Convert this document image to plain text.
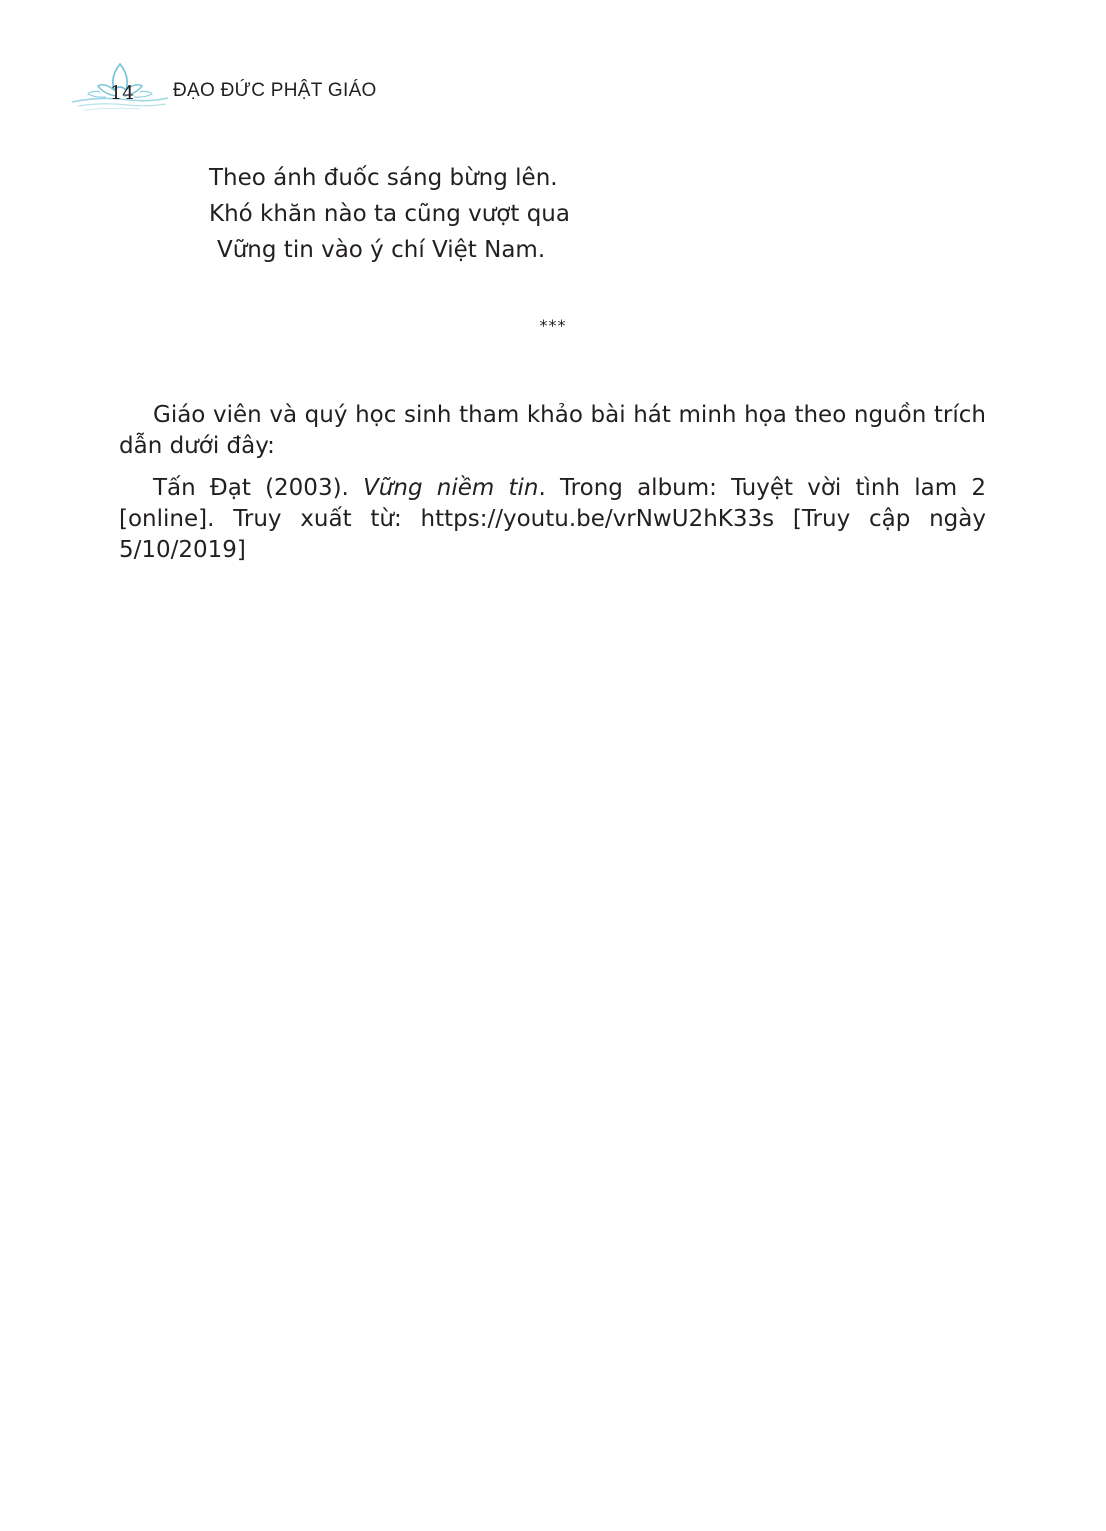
14 ĐẠO ĐỨC PHẬT GIÁO
Theo ánh đuốc sáng bừng lên.
Khó khăn nào ta cũng vượt qua
Vững tin vào ý chí Việt Nam.
***

Giáo viên và quý học sinh tham khảo bài hát minh họa theo nguồn trích dẫn dưới đây:

Tấn Đạt (2003). Vững niềm tin. Trong album: Tuyệt vời tình lam 2 [online]. Truy xuất từ: https://youtu.be/vrNwU2hK33s [Truy cập ngày 5/10/2019]
